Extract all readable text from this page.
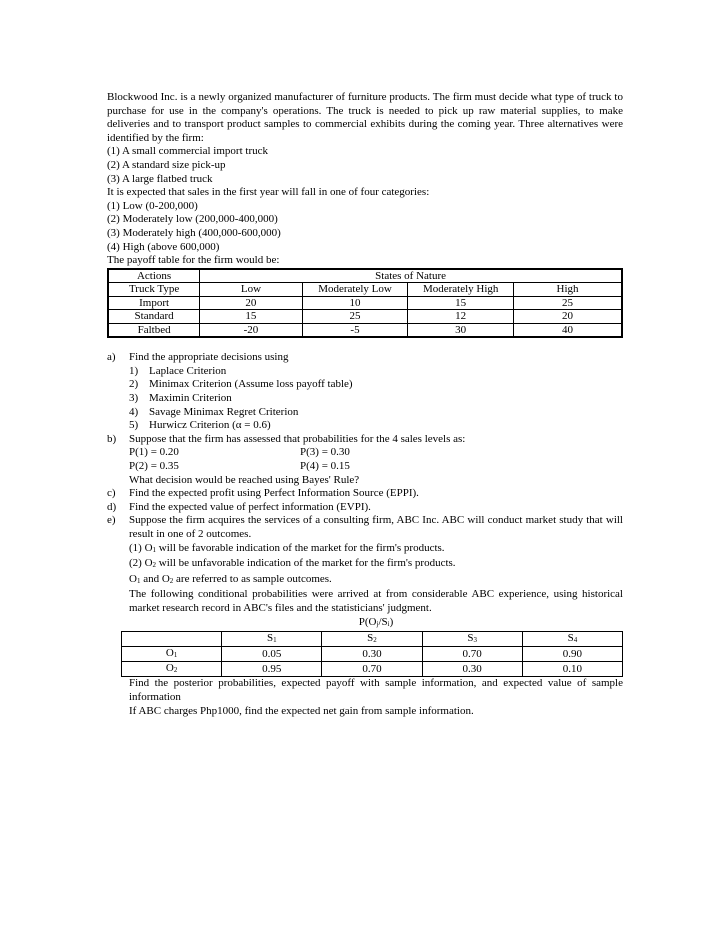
Blockwood Inc. is a newly organized manufacturer of furniture products. The firm must decide what type of truck to purchase for use in the company's operations. The truck is needed to pick up raw material supplies, to make deliveries and to transport product samples to commercial exhibits during the coming year. Three alternatives were identified by the firm:

(1) A small commercial import truck
(2) A standard size pick-up
(3) A large flatbed truck
It is expected that sales in the first year will fall in one of four categories:
(1) Low (0-200,000)
(2) Moderately low (200,000-400,000)
(3) Moderately high (400,000-600,000)
(4) High (above 600,000)
The payoff table for the firm would be:
Actions	States of Nature			
Truck Type	Low	Moderately Low	Moderately High	High
Import	20	10	15	25
Standard	15	25	12	20
Faltbed	-20	-5	30	40
a) Find the appropriate decisions using
1) Laplace Criterion
2) Minimax Criterion (Assume loss payoff table)
3) Maximin Criterion
4) Savage Minimax Regret Criterion
5) Hurwicz Criterion (α = 0.6)
b) Suppose that the firm has assessed that probabilities for the 4 sales levels as:
P(1) = 0.20	P(3) = 0.30
P(2) = 0.35	P(4) = 0.15
What decision would be reached using Bayes' Rule?
c) Find the expected profit using Perfect Information Source (EPPI).
d) Find the expected value of perfect information (EVPI).
e) Suppose the firm acquires the services of a consulting firm, ABC Inc. ABC will conduct market study that will result in one of 2 outcomes.
(1) $O_1$ will be favorable indication of the market for the firm's products.
(2) $O_2$ will be unfavorable indication of the market for the firm's products.
$O_1$ and $O_2$ are referred to as sample outcomes.
The following conditional probabilities were arrived at from considerable ABC experience, using historical market research record in ABC's files and the statisticians' judgment.
$P(O_j/S_i)$
	$S_1$	$S_2$	$S_3$	$S_4$
$O_1$	0.05	0.30	0.70	0.90
$O_2$	0.95	0.70	0.30	0.10
Find the posterior probabilities, expected payoff with sample information, and expected value of sample information
If ABC charges Php1000, find the expected net gain from sample information.
